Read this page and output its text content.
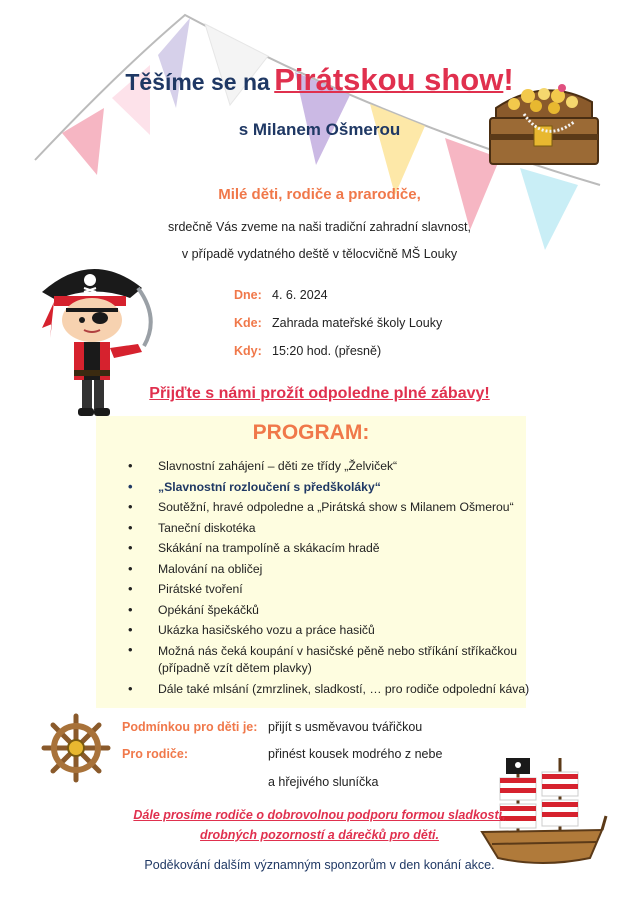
Těšíme se na Pirátskou show!
s Milanem Ošmerou
Milé děti, rodiče a prarodiče,
srdečně Vás zveme na naši tradiční zahradní slavnost,
v případě vydatného deště v tělocvičně MŠ Louky
Dne: 4. 6. 2024
Kde: Zahrada mateřské školy Louky
Kdy: 15:20 hod. (přesně)
Přijďte s námi prožít odpoledne plné zábavy!
PROGRAM:
• Slavnostní zahájení – děti ze třídy „Želviček“
• „Slavnostní rozloučení s předškoláky“
• Soutěžní, hravé odpoledne a „Pirátská show s Milanem Ošmerou“
• Taneční diskotéka
• Skákání na trampolíně a skákacím hradě
• Malování na obličej
• Pirátské tvoření
• Opékání špekáčků
• Ukázka hasičského vozu a práce hasičů
• Možná nás čeká koupání v hasičské pěně nebo stříkání stříkačkou
(případně vzít dětem plavky)
• Dále také mlsání (zmrzlinek, sladkostí, … pro rodiče odpolední káva)
Podmínkou pro děti je: přijít s usměvavou tvářičkou
Pro rodiče:	přinést kousek modrého z nebe
a hřejivého sluníčka
Dále prosíme rodiče o dobrovolnou podporu formou sladkostí,
drobných pozorností a dárečků pro děti.
Poděkování dalším významným sponzorům v den konání akce.
